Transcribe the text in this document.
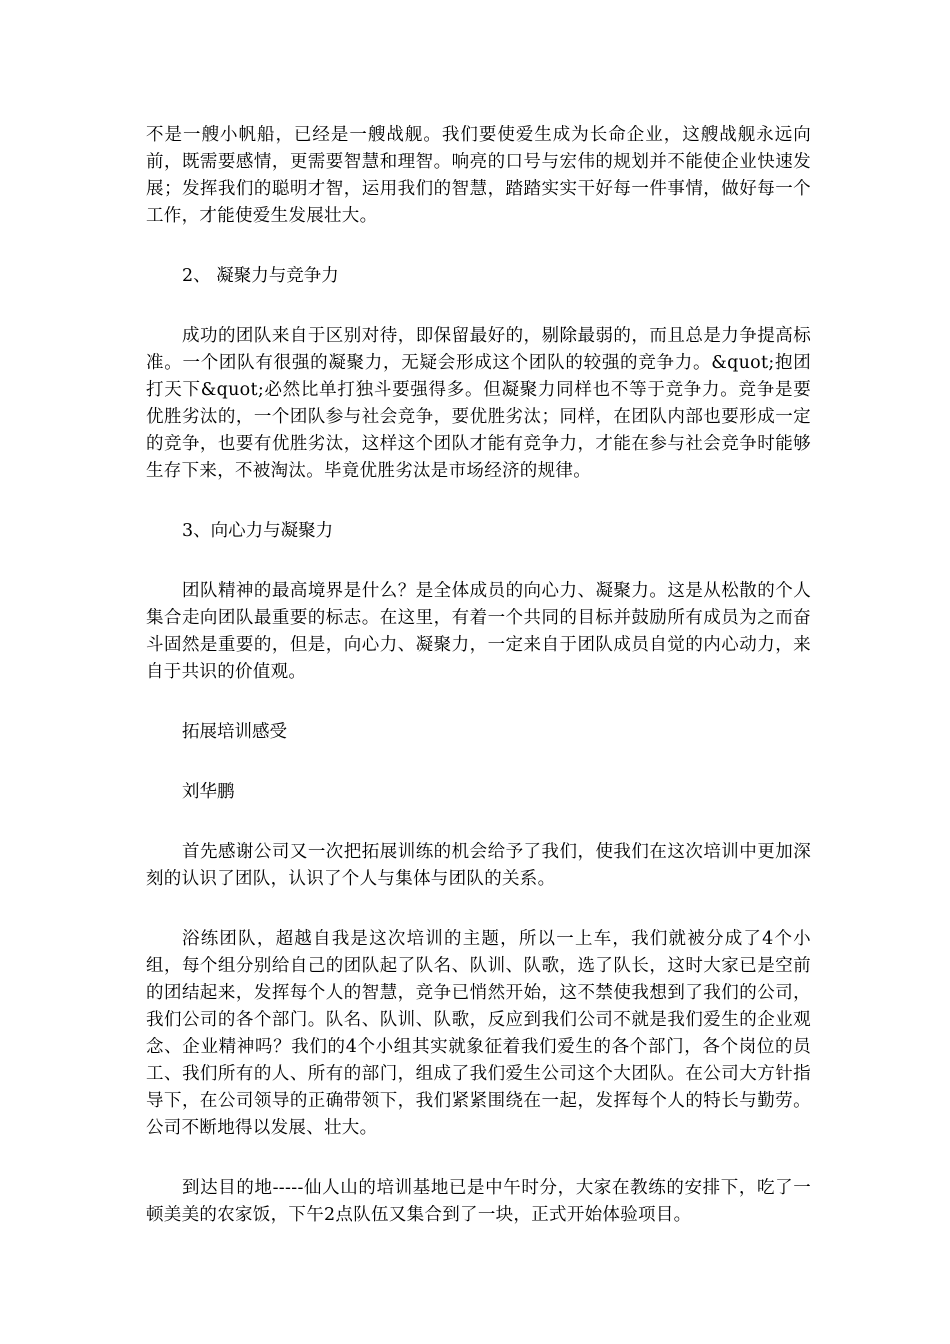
不是一艘小帆船，已经是一艘战舰。我们要使爱生成为长命企业，这艘战舰永远向前，既需要感情，更需要智慧和理智。响亮的口号与宏伟的规划并不能使企业快速发展；发挥我们的聪明才智，运用我们的智慧，踏踏实实干好每一件事情，做好每一个工作，才能使爱生发展壮大。

2、 凝聚力与竞争力

成功的团队来自于区别对待，即保留最好的，剔除最弱的，而且总是力争提高标准。一个团队有很强的凝聚力，无疑会形成这个团队的较强的竞争力。&quot;抱团打天下&quot;必然比单打独斗要强得多。但凝聚力同样也不等于竞争力。竞争是要优胜劣汰的，一个团队参与社会竞争，要优胜劣汰；同样，在团队内部也要形成一定的竞争，也要有优胜劣汰，这样这个团队才能有竞争力，才能在参与社会竞争时能够生存下来，不被淘汰。毕竟优胜劣汰是市场经济的规律。

3、向心力与凝聚力

团队精神的最高境界是什么？是全体成员的向心力、凝聚力。这是从松散的个人集合走向团队最重要的标志。在这里，有着一个共同的目标并鼓励所有成员为之而奋斗固然是重要的，但是，向心力、凝聚力，一定来自于团队成员自觉的内心动力，来自于共识的价值观。

拓展培训感受

刘华鹏

首先感谢公司又一次把拓展训练的机会给予了我们，使我们在这次培训中更加深刻的认识了团队，认识了个人与集体与团队的关系。

浴练团队，超越自我是这次培训的主题，所以一上车，我们就被分成了4个小组，每个组分别给自己的团队起了队名、队训、队歌，选了队长，这时大家已是空前的团结起来，发挥每个人的智慧，竞争已悄然开始，这不禁使我想到了我们的公司，我们公司的各个部门。队名、队训、队歌，反应到我们公司不就是我们爱生的企业观念、企业精神吗？我们的4个小组其实就象征着我们爱生的各个部门，各个岗位的员工、我们所有的人、所有的部门，组成了我们爱生公司这个大团队。在公司大方针指导下，在公司领导的正确带领下，我们紧紧围绕在一起，发挥每个人的特长与勤劳。公司不断地得以发展、壮大。

到达目的地-----仙人山的培训基地已是中午时分，大家在教练的安排下，吃了一顿美美的农家饭，下午2点队伍又集合到了一块，正式开始体验项目。
